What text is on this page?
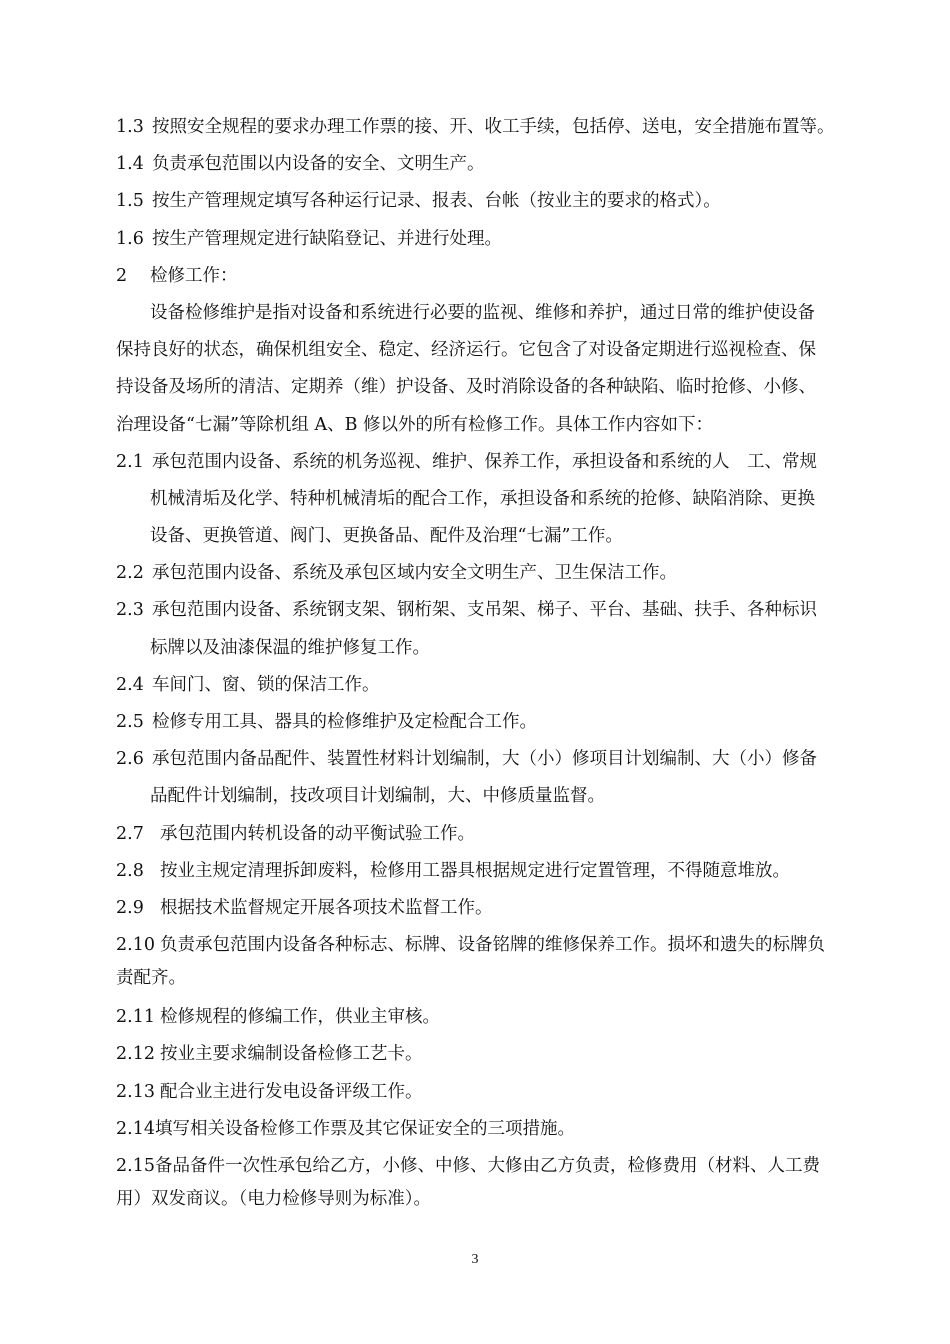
1.3 按照安全规程的要求办理工作票的接、开、收工手续，包括停、送电，安全措施布置等。

1.4 负责承包范围以内设备的安全、文明生产。

1.5 按生产管理规定填写各种运行记录、报表、台帐（按业主的要求的格式）。

1.6 按生产管理规定进行缺陷登记、并进行处理。

2 检修工作：

设备检修维护是指对设备和系统进行必要的监视、维修和养护，通过日常的维护使设备

保持良好的状态，确保机组安全、稳定、经济运行。它包含了对设备定期进行巡视检查、保

持设备及场所的清洁、定期养（维）护设备、及时消除设备的各种缺陷、临时抢修、小修、

治理设备“七漏”等除机组 A、B 修以外的所有检修工作。具体工作内容如下：

2.1 承包范围内设备、系统的机务巡视、维护、保养工作，承担设备和系统的人　工、常规

机械清垢及化学、特种机械清垢的配合工作，承担设备和系统的抢修、缺陷消除、更换

设备、更换管道、阀门、更换备品、配件及治理“七漏”工作。

2.2 承包范围内设备、系统及承包区域内安全文明生产、卫生保洁工作。

2.3 承包范围内设备、系统钢支架、钢桁架、支吊架、梯子、平台、基础、扶手、各种标识

标牌以及油漆保温的维护修复工作。

2.4 车间门、窗、锁的保洁工作。

2.5 检修专用工具、器具的检修维护及定检配合工作。

2.6 承包范围内备品配件、装置性材料计划编制，大（小）修项目计划编制、大（小）修备

品配件计划编制，技改项目计划编制，大、中修质量监督。

2.7 承包范围内转机设备的动平衡试验工作。

2.8 按业主规定清理拆卸废料，检修用工器具根据规定进行定置管理，不得随意堆放。

2.9 根据技术监督规定开展各项技术监督工作。

2.10 负责承包范围内设备各种标志、标牌、设备铭牌的维修保养工作。损坏和遗失的标牌负

责配齐。

2.11 检修规程的修编工作，供业主审核。

2.12 按业主要求编制设备检修工艺卡。

2.13 配合业主进行发电设备评级工作。

2.14填写相关设备检修工作票及其它保证安全的三项措施。

2.15备品备件一次性承包给乙方，小修、中修、大修由乙方负责，检修费用（材料、人工费

用）双发商议。（电力检修导则为标准）。

3
